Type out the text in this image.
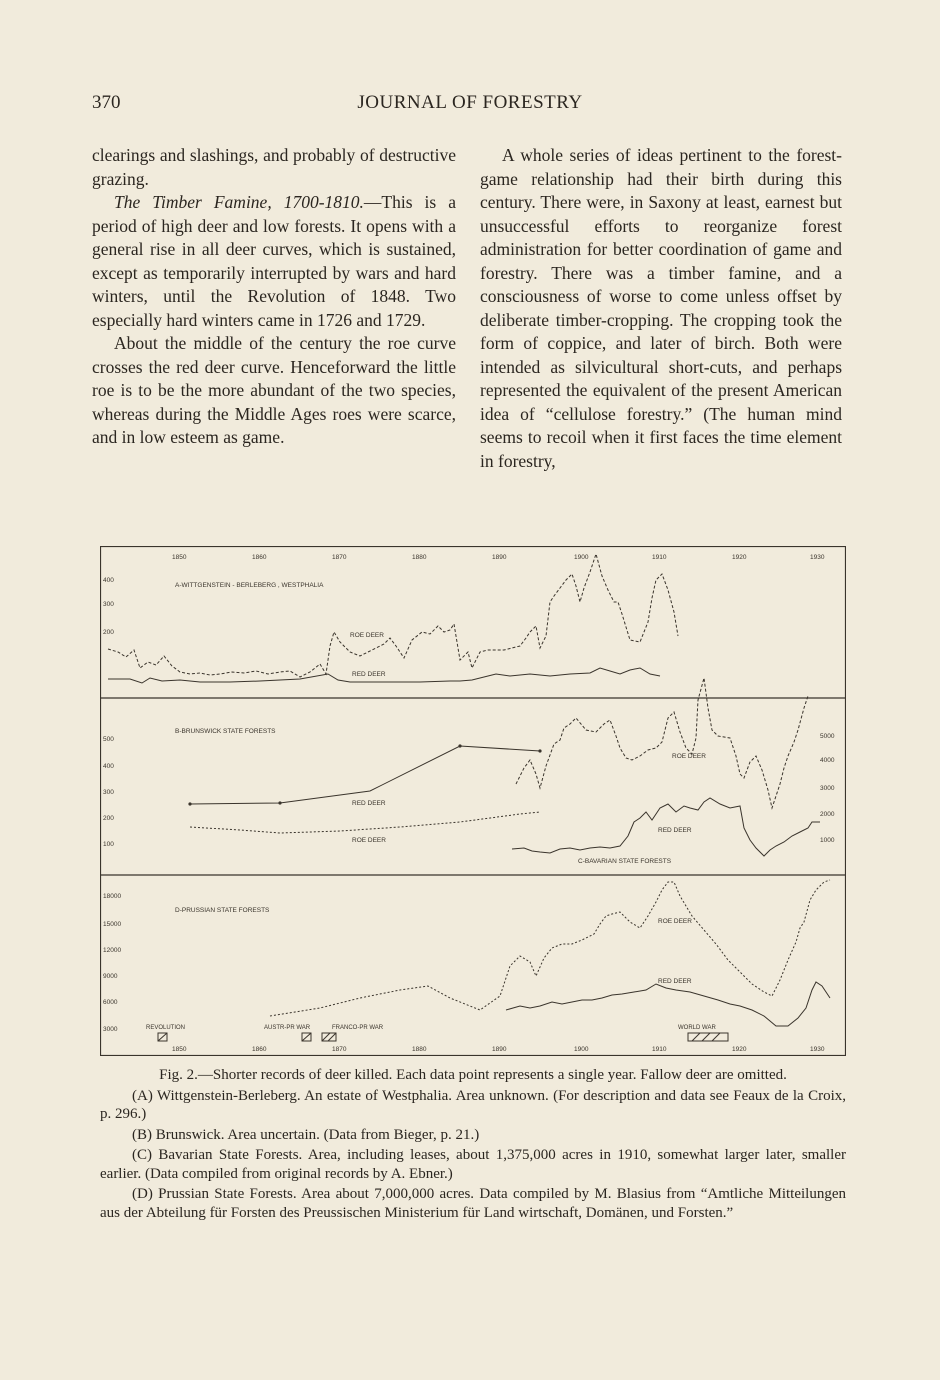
370	JOURNAL OF FORESTRY

clearings and slashings, and probably of destructive grazing.

The Timber Famine, 1700-1810.—This is a period of high deer and low forests. It opens with a general rise in all deer curves, which is sustained, except as temporarily interrupted by wars and hard winters, until the Revolution of 1848. Two especially hard winters came in 1726 and 1729.

About the middle of the century the roe curve crosses the red deer curve. Henceforward the little roe is to be the more abundant of the two species, whereas during the Middle Ages roes were scarce, and in low esteem as game.

A whole series of ideas pertinent to the forest-game relationship had their birth during this century. There were, in Saxony at least, earnest but unsuccessful efforts to reorganize forest administration for better coordination of game and forestry. There was a timber famine, and a consciousness of worse to come unless offset by deliberate timber-cropping. The cropping took the form of coppice, and later of birch. Both were intended as silvicultural short-cuts, and perhaps represented the equivalent of the present American idea of “cellulose forestry.” (The human mind seems to recoil when it first faces the time element in forestry,

1850	1860	1870	1880	1890	1900	1910	1920	1930
400
300
200
A-WITTGENSTEIN - BERLEBERG , WESTPHALIA
ROE DEER
RED DEER
500
400
300
200
100
B-BRUNSWICK STATE FORESTS
RED DEER
ROE DEER
ROE DEER
RED DEER
C-BAVARIAN STATE FORESTS
5000
4000
3000
2000
1000
18000
15000
12000
9000
6000
3000
D-PRUSSIAN STATE FORESTS
ROE DEER
RED DEER
REVOLUTION	AUSTR-PR WAR	FRANCO-PR WAR	WORLD WAR
1850	1860	1870	1880	1890	1900	1910	1920	1930

Fig. 2.—Shorter records of deer killed. Each data point represents a single year. Fallow deer are omitted.

(A) Wittgenstein-Berleberg. An estate of Westphalia. Area unknown. (For description and data see Feaux de la Croix, p. 296.)

(B) Brunswick. Area uncertain. (Data from Bieger, p. 21.)

(C) Bavarian State Forests. Area, including leases, about 1,375,000 acres in 1910, somewhat larger later, smaller earlier. (Data compiled from original records by A. Ebner.)

(D) Prussian State Forests. Area about 7,000,000 acres. Data compiled by M. Blasius from “Amtliche Mitteilungen aus der Abteilung für Forsten des Preussischen Ministerium für Land wirtschaft, Domänen, und Forsten.”
